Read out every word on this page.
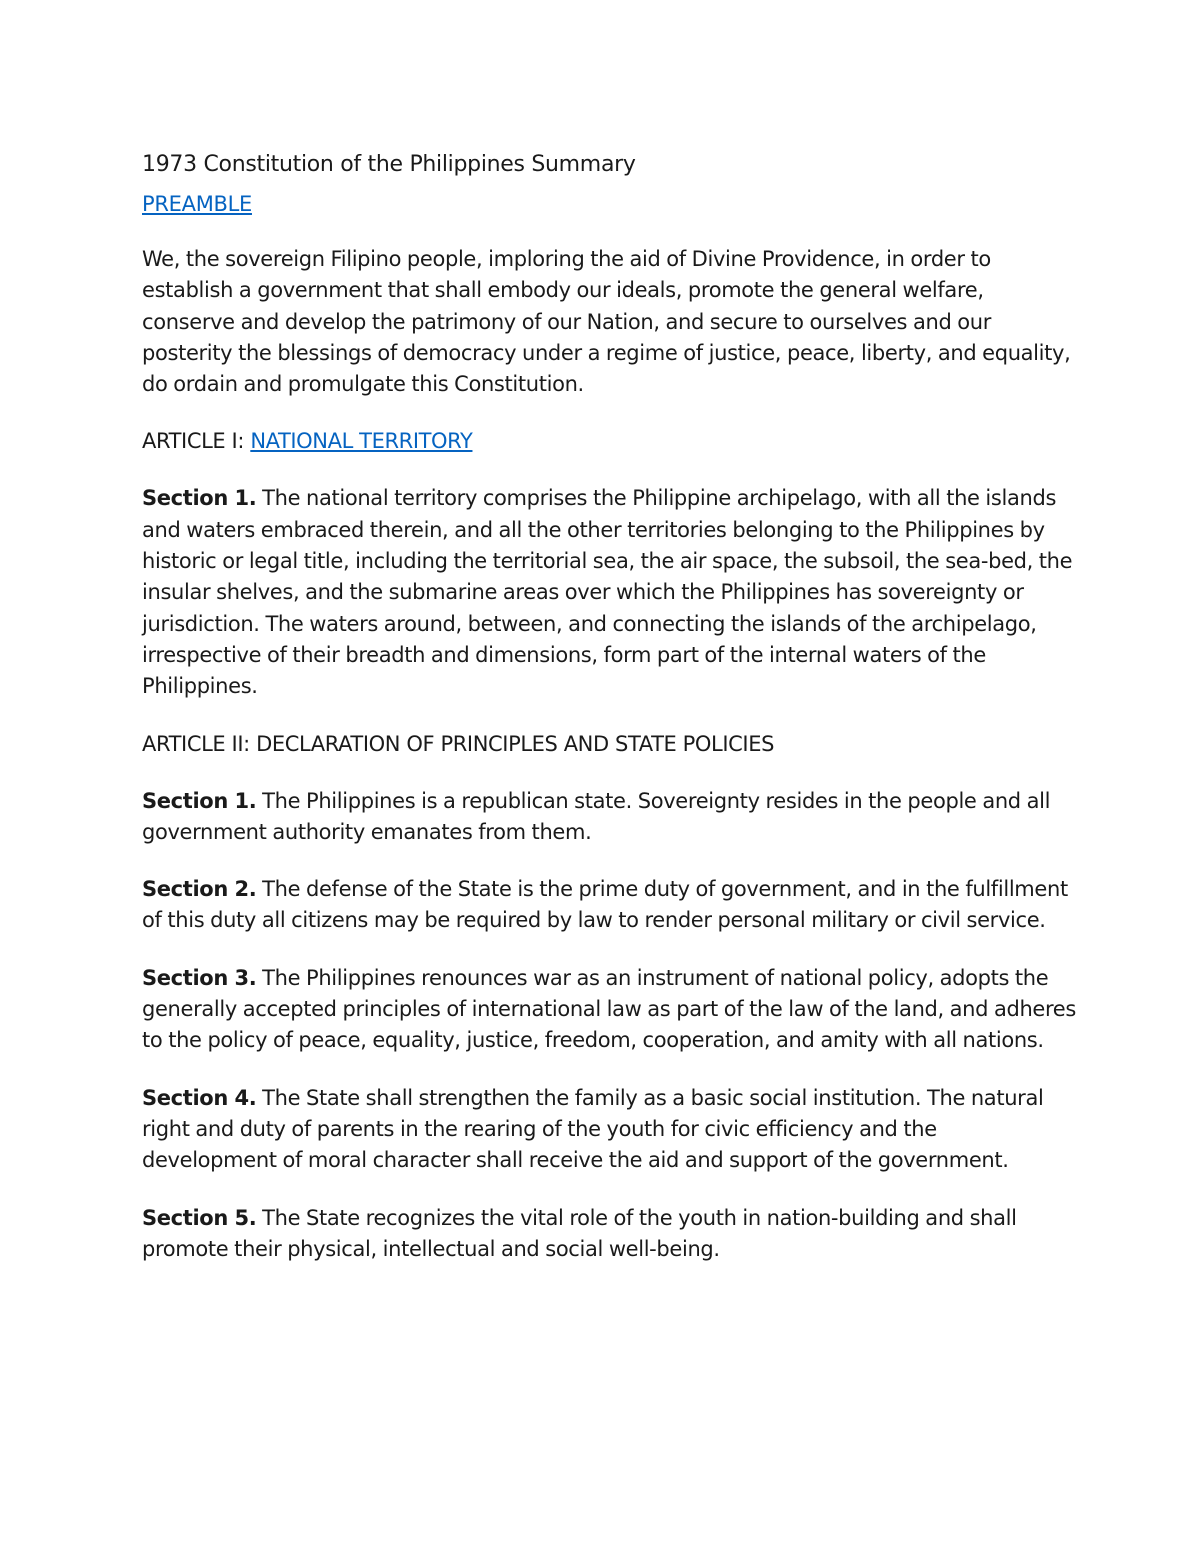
1973 Constitution of the Philippines Summary
PREAMBLE
We, the sovereign Filipino people, imploring the aid of Divine Providence, in order to establish a government that shall embody our ideals, promote the general welfare, conserve and develop the patrimony of our Nation, and secure to ourselves and our posterity the blessings of democracy under a regime of justice, peace, liberty, and equality, do ordain and promulgate this Constitution.
ARTICLE I: NATIONAL TERRITORY
Section 1. The national territory comprises the Philippine archipelago, with all the islands and waters embraced therein, and all the other territories belonging to the Philippines by historic or legal title, including the territorial sea, the air space, the subsoil, the sea-bed, the insular shelves, and the submarine areas over which the Philippines has sovereignty or jurisdiction. The waters around, between, and connecting the islands of the archipelago, irrespective of their breadth and dimensions, form part of the internal waters of the Philippines.
ARTICLE II: DECLARATION OF PRINCIPLES AND STATE POLICIES
Section 1. The Philippines is a republican state. Sovereignty resides in the people and all government authority emanates from them.
Section 2. The defense of the State is the prime duty of government, and in the fulfillment of this duty all citizens may be required by law to render personal military or civil service.
Section 3. The Philippines renounces war as an instrument of national policy, adopts the generally accepted principles of international law as part of the law of the land, and adheres to the policy of peace, equality, justice, freedom, cooperation, and amity with all nations.
Section 4. The State shall strengthen the family as a basic social institution. The natural right and duty of parents in the rearing of the youth for civic efficiency and the development of moral character shall receive the aid and support of the government.
Section 5. The State recognizes the vital role of the youth in nation-building and shall promote their physical, intellectual and social well-being.
